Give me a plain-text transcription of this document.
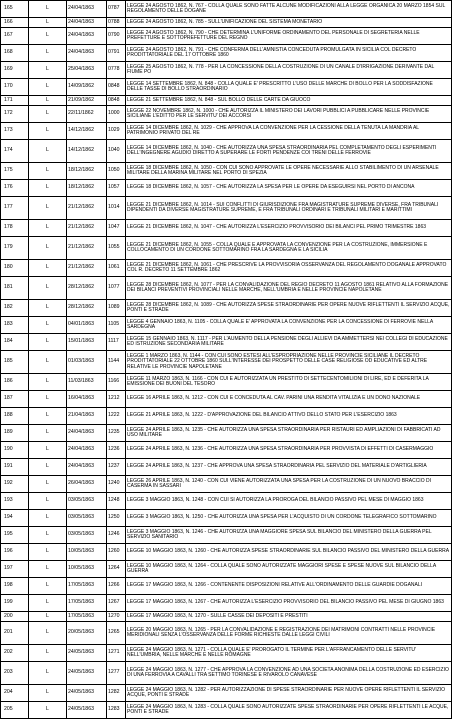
165	L	24/04/1863	0787	LEGGE 24 AGOSTO 1862, N. 767 - COLLA QUALE SONO FATTE ALCUNE MODIFICAZIONI ALLA LEGGE ORGANICA 20 MARZO 1854 SUL REGOLAMENTO DELLE DOGANE
166	L	24/04/1863	0788	LEGGE 24 AGOSTO 1862, N. 785 - SULL'UNIFICAZIONE DEL SISTEMA MONETARIO
167	L	24/04/1863	0790	LEGGE 24 AGOSTO 1862, N. 790 - CHE DETERMINA L'UNIFORME ORDINAMENTO DEL PERSONALE DI SEGRETERIA NELLE PREFETTURE E SOTTOPREFETTURE DEL REGNO
168	L	24/04/1863	0791	LEGGE 24 AGOSTO 1862, N. 791 - CHE CONFERMA DELL'AMNISTIA CONCEDUTA PROMULGATA IN SICILIA COL DECRETO PRODITTATORIALE DEL 17 OTTOBRE 1860
169	L	25/04/1863	0778	LEGGE 25 AGOSTO 1862, N. 778 - PER LA CONCESSIONE DELLA COSTRUZIONE DI UN CANALE D'IRRIGAZIONE DERIVANTE DAL FIUME PO
170	L	14/09/1862	0848	LEGGE 14 SETTEMBRE 1862, N. 848 - COLLA QUALE E' PRESCRITTO L'USO DELLE MARCHE DI BOLLO PER LA SODDISFAZIONE DELLE TASSE DI BOLLO STRAORDINARIO
171	L	21/09/1862	0848	LEGGE 21 SETTEMBRE 1862, N. 848 - SUL BOLLO DELLE CARTE DA GIUOCO
172	L	22/11/1862	1000	LEGGE 22 NOVEMBRE 1862, N. 1000 - CHE AUTORIZZA IL MINISTERO DEI LAVORI PUBBLICI A PUBBLICARE NELLE PROVINCIE SICILIANE L'EDITTO PER LE SERVITU' DEI ACCORSI
173	L	14/12/1862	1029	LEGGE 14 DICEMBRE 1862, N. 1029 - CHE APPROVA LA CONVENZIONE PER LA CESSIONE DELLA TENUTA LA MANDRIA AL PATRIMONIO PRIVATO DEL RE
174	L	14/12/1862	1040	LEGGE 14 DICEMBRE 1862, N. 1040 - CHE AUTORIZZA UNA SPESA STRAORDINARIA PEL COMPLETAMENTO DEGLI ESPERIMENTI DELL'INGEGNERE AGUDIO DIRETTO A SUPERARE LE FORTI PENDENZE COI TRENI DELLE FERROVIE
175	L	18/12/1862	1050	LEGGE 18 DICEMBRE 1862, N. 1050 - CON CUI SONO APPROVATE LE OPERE NECESSARIE ALLO STABILIMENTO DI UN ARSENALE MILITARE DELLA MARINA MILITARE NEL PORTO DI SPEZIA
176	L	18/12/1862	1057	LEGGE 18 DICEMBRE 1862, N. 1057 - CHE AUTORIZZA LA SPESA PER LE OPERE DA ESEGUIRSI NEL PORTO DI ANCONA
177	L	21/12/1862	1014	LEGGE 21 DICEMBRE 1862, N. 1014 - SUI CONFLITTI DI GIURISDIZIONE FRA MAGISTRATURE SUPREME DIVERSE, FRA TRIBUNALI DIPENDENTI DA DIVERSE MAGISTRATURE SUPREME, E FRA TRIBUNALI ORDINARI E TRIBUNALI MILITARI E MARITTIMI
178	L	21/12/1862	1047	LEGGE 21 DICEMBRE 1862, N. 1047 - CHE AUTORIZZA L'ESERCIZIO PROVVISORIO DEI BILANCI PEL PRIMO TRIMESTRE 1863
179	L	21/12/1862	1055	LEGGE 21 DICEMBRE 1862, N. 1055 - COLLA QUALE E APPROVATA LA CONVENZIONE PER LA COSTRUZIONE, IMMERSIONE E COLLOCAMENTO DI UN CORDONE SOTTOMARINO FRA LA SARDEGNA E LA SICILIA
180	L	21/12/1862	1061	LEGGE 21 DICEMBRE 1862, N. 1061 - CHE PRESCRIVE LA PROVVISORIA OSSERVANZA DEL REGOLAMENTO DOGANALE APPROVATO COL R. DECRETO 11 SETTEMBRE 1862
181	L	28/12/1862	1077	LEGGE 28 DICEMBRE 1862, N. 1077 - PER LA CONVALIDAZIONE DEL REGIO DECRETO 11 AGOSTO 1861 RELATIVO ALLA FORMAZIONE DEI BILANCI PREVENTIVI PROVINCIALI NELLE MARCHE, NELL'UMBRIA E NELLE PROVINCIE NAPOLETANE
182	L	28/12/1862	1089	LEGGE 28 DICEMBRE 1862, N. 1089 - CHE AUTORIZZA SPESE STRAORDINARIE PER OPERE NUOVE RIFLETTENTI IL SERVIZIO ACQUE, PONTI E STRADE
183	L	04/01/1863	1105	LEGGE 4 GENNAIO 1863, N. 1105 - COLLA QUALE E' APPROVATA LA CONVENZIONE PER LA CONCESSIONE DI FERROVIE NELLA SARDEGNA
184	L	15/01/1863	1117	LEGGE 15 GENNAIO 1863, N. 1117 - PER L'AUMENTO DELLA PENSIONE DEGLI ALLIEVI DA AMMETTERSI NEI COLLEGI DI EDUCAZIONE ED ISTRUZIONE SECONDARIA MILITARE
185	L	01/03/1863	1144	LEGGE 1 MARZO 1863, N. 1144 - CON CUI SONO ESTESI ALL'ESPROPRIAZIONE NELLE PROVINCIE SICILIANE IL DECRETO PRODITTATORIALE 22 OTTOBRE 1860 SULL'INTERESSE DEI PROSPETTO DELLE CASE RELIGIOSE OD EDUCATIVE ED ALTRE RELATIVE LE PROVINCIE NAPOLETANE
186	L	11/03/1863	1166	LEGGE 11 MARZO 1863, N. 1166 - CON CUI E AUTORIZZATA UN PRESTITO DI SETTECENTOMILIONI DI LIRE, ED E DEFERITA LA EMISSIONE DEI BUONI DEL TESORO
187	L	16/04/1863	1212	LEGGE 16 APRILE 1863, N. 1212 - CON CUI E CONCEDUTA AL CAV. PARINI UNA RENDITA VITALIZIA E UN DONO NAZIONALE
188	L	21/04/1863	1222	LEGGE 21 APRILE 1863, N. 1222 - D'APPROVAZIONE DEL BILANCIO ATTIVO DELLO STATO PER L'ESERCIZIO 1863
189	L	24/04/1863	1235	LEGGE 24 APRILE 1863, N. 1235 - CHE AUTORIZZA UNA SPESA STRAORDINARIA PER RISTAURI ED AMPLIAZIONI DI FABBRICATI AD USO MILITARE
190	L	24/04/1863	1236	LEGGE 24 APRILE 1863, N. 1236 - CHE AUTORIZZA UNA SPESA STRAORDINARIA PER PROVVISTA DI EFFETTI DI CASERMAGGIO
191	L	24/04/1863	1237	LEGGE 24 APRILE 1863, N. 1237 - CHE APPROVA UNA SPESA STRAORDINARIA PEL SERVIZIO DEL MATERIALE D'ARTIGLIERIA
192	L	26/04/1863	1240	LEGGE 26 APRILE 1863, N. 1240 - CON CUI VIENE AUTORIZZATA UNA SPESA PER LA COSTRUZIONE DI UN NUOVO BRACCIO DI CASERMA IN SASSARI
193	L	03/05/1863	1248	LEGGE 3 MAGGIO 1863, N. 1248 - CON CUI SI AUTORIZZA LA PROROGA DEL BILANCIO PASSIVO PEL MESE DI MAGGIO 1863
194	L	03/05/1863	1250	LEGGE 3 MAGGIO 1863, N. 1250 - CHE AUTORIZZA UNA SPESA PER L'ACQUISTO DI UN CORDONE TELEGRAFICO SOTTOMARINO
195	L	03/05/1863	1246	LEGGE 3 MAGGIO 1863, N. 1246 - CHE AUTORIZZA UNA MAGGIORE SPESA SUL BILANCIO DEL MINISTERO DELLA GUERRA PEL SERVIZIO SANITARIO
196	L	10/05/1863	1260	LEGGE 10 MAGGIO 1863, N. 1260 - CHE AUTORIZZA SPESE STRAORDINARIE SUL BILANCIO PASSIVO DEL MINISTERO DELLA GUERRA
197	L	10/05/1863	1264	LEGGE 10 MAGGIO 1863, N. 1264 - COLLA QUALE SONO AUTORIZZATE MAGGIORI SPESE E SPESE NUOVE SUL BILANCIO DELLA GUERRA
198	L	17/05/1863	1266	LEGGE 17 MAGGIO 1863, N. 1266 - CONTENENTE DISPOSIZIONI RELATIVE ALL'ORDINAMENTO DELLE GUARDIE DOGANALI
199	L	17/05/1863	1267	LEGGE 17 MAGGIO 1863, N. 1267 - CHE AUTORIZZA L'ESERCIZIO PROVVISORIO DEL BILANCIO PASSIVO PEL MESE DI GIUGNO 1863
200	L	17/05/1863	1270	LEGGE 17 MAGGIO 1863, N. 1270 - SULLE CASSE DEI DEPOSITI E PRESTITI
201	L	20/05/1863	1265	LEGGE 20 MAGGIO 1863, N. 1265 - PER LA CONVALIDAZIONE E REGISTRAZIONE DEI MATRIMONI CONTRATTI NELLE PROVINCIE MERIDIONALI SENZA L'OSSERVANZA DELLE FORME RICHIESTE DALLE LEGGI CIVILI
202	L	24/05/1863	1271	LEGGE 24 MAGGIO 1863, N. 1271 - COLLA QUALE E' PROROGATO IL TERMINE PER L'AFFRANCAMENTO DELLE SERVITU' NELL'UMBRIA, NELLE MARCHE E NELLE ROMAGNE
203	L	24/05/1863	1277	LEGGE 24 MAGGIO 1863, N. 1277 - CHE APPROVA LA CONVENZIONE AD UNA SOCIETA ANONIMA DELLA COSTRUZIONE ED ESERCIZIO DI UNA FERROVIA A CAVALLI TRA SETTIMO TORINESE E RIVAROLO CANAVESE
204	L	24/05/1863	1282	LEGGE 24 MAGGIO 1863, N. 1282 - PER AUTORIZZAZIONE DI SPESE STRAORDINARIE PER NUOVE OPERE RIFLETTENTI IL SERVIZIO ACQUE, PONTI E STRADE
205	L	24/05/1863	1283	LEGGE 24 MAGGIO 1863, N. 1283 - COLLA QUALE SONO AUTORIZZATE SPESE STRAORDINARIE PER OPERE RIFLETTENTI LE ACQUE, PONTI E STRADE
